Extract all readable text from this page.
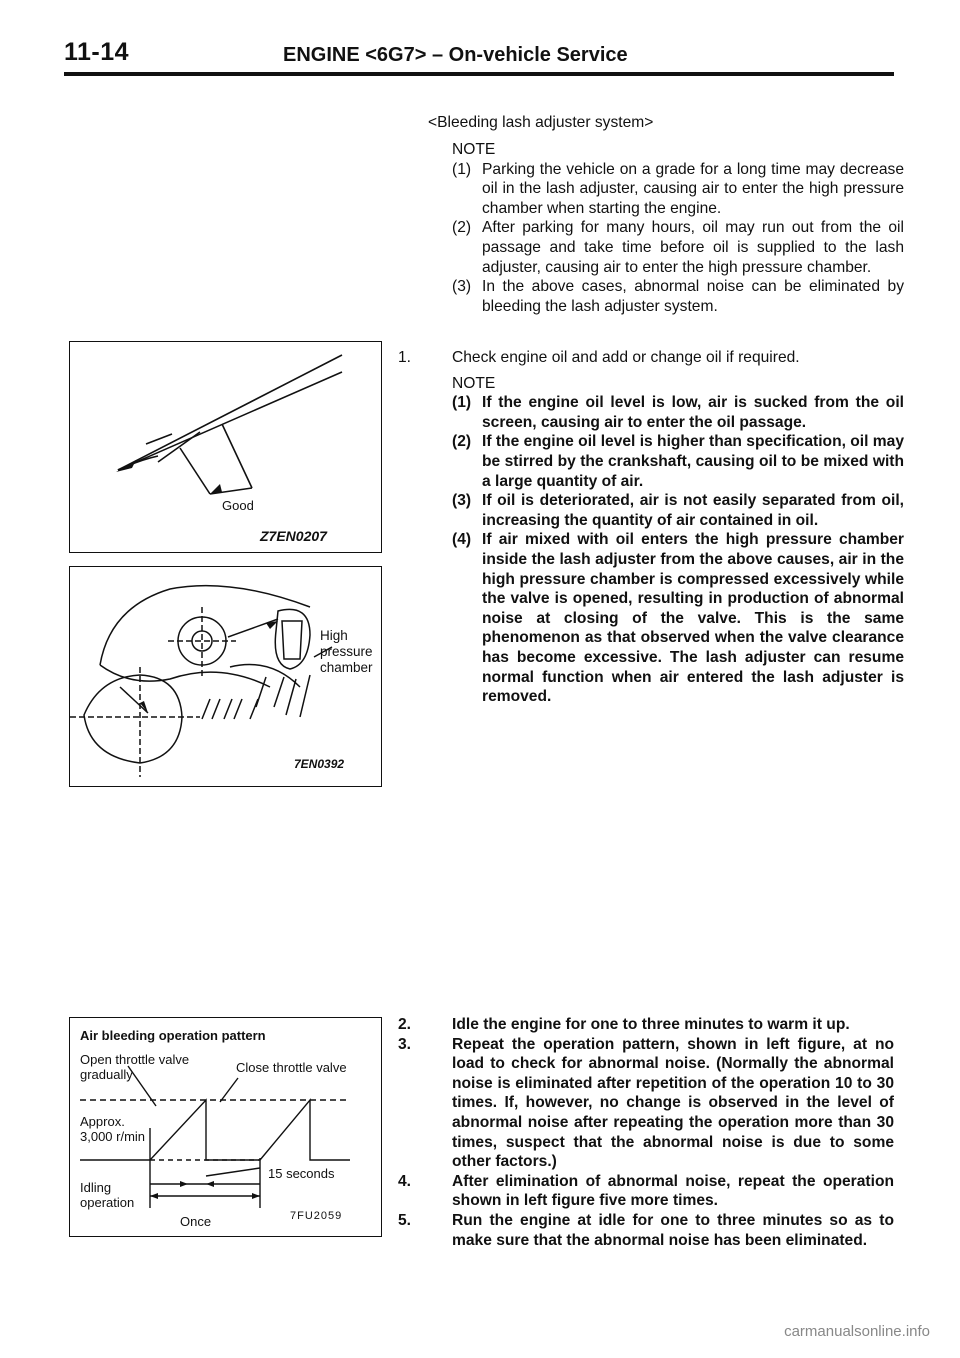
11-14	ENGINE <6G7> – On-vehicle Service
<Bleeding lash adjuster system>
NOTE
(1) Parking the vehicle on a grade for a long time may decrease oil in the lash adjuster, causing air to enter the high pressure chamber when starting the engine.
(2) After parking for many hours, oil may run out from the oil passage and take time before oil is supplied to the lash adjuster, causing air to enter the high pressure chamber.
(3) In the above cases, abnormal noise can be eliminated by bleeding the lash adjuster system.
1.	Check engine oil and add or change oil if required.
NOTE
(1) If the engine oil level is low, air is sucked from the oil screen, causing air to enter the oil passage.
(2) If the engine oil level is higher than specification, oil may be stirred by the crankshaft, causing oil to be mixed with a large quantity of air.
(3) If oil is deteriorated, air is not easily separated from oil, increasing the quantity of air contained in oil.
(4) If air mixed with oil enters the high pressure chamber inside the lash adjuster from the above causes, air in the high pressure chamber is compressed excessively while the valve is opened, resulting in production of abnormal noise at closing of the valve. This is the same phenomenon as that observed when the valve clearance has become excessive. The lash adjuster can resume normal function when air entered the lash adjuster is removed.
2.	Idle the engine for one to three minutes to warm it up.
3.	Repeat the operation pattern, shown in left figure, at no load to check for abnormal noise. (Normally the abnormal noise is eliminated after repetition of the operation 10 to 30 times. If, however, no change is observed in the level of abnormal noise after repeating the operation more than 30 times, suspect that the abnormal noise is due to some other factors.)
4.	After elimination of abnormal noise, repeat the operation shown in left figure five more times.
5.	Run the engine at idle for one to three minutes so as to make sure that the abnormal noise has been eliminated.
Good
Z7EN0207
High
pressure
chamber
7EN0392
Air bleeding operation pattern
Open throttle valve
gradually	Close throttle valve
Approx.
3,000 r/min
15 seconds
Idling
operation
Once	7FU2059
carmanualsonline.info
